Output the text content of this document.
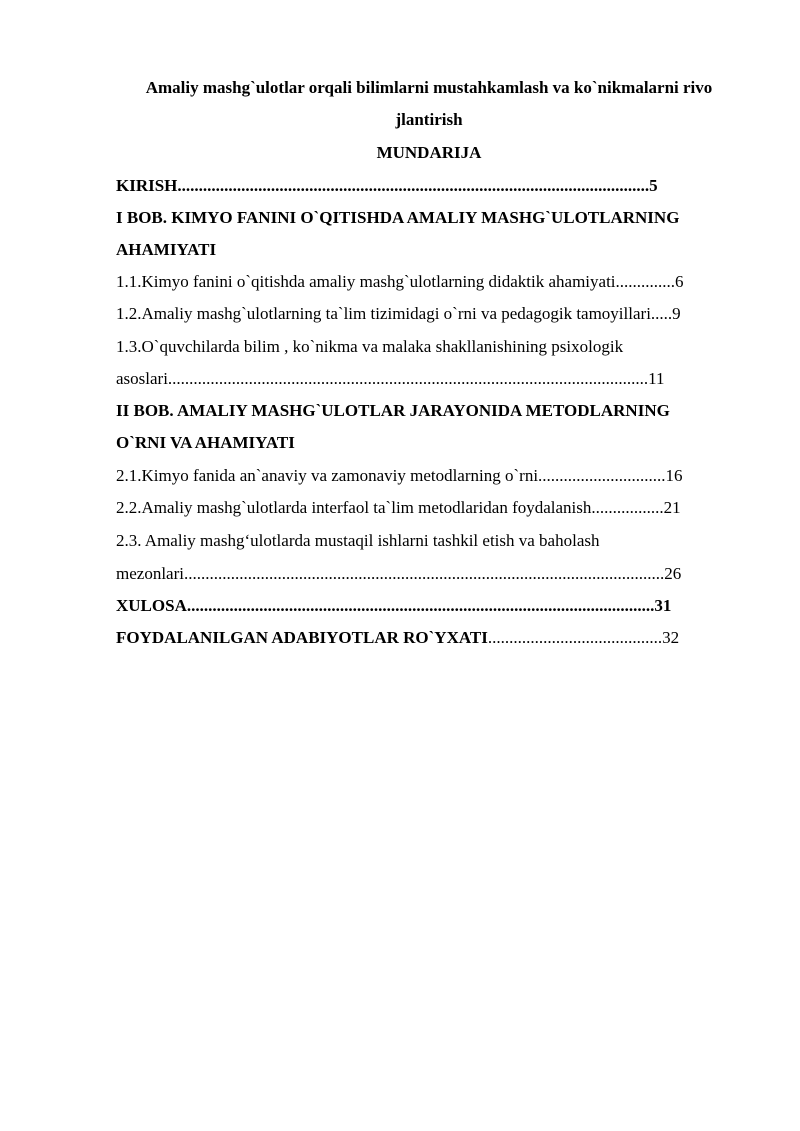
Amaliy mashg`ulotlar orqali bilimlarni mustahkamlash va ko`nikmalarni rivo
jlantirish
MUNDARIJA
KIRISH...............................................................................................................5
I BOB. KIMYO FANINI O`QITISHDA AMALIY MASHG`ULOTLARNING
AHAMIYATI
1.1.Kimyo fanini o`qitishda amaliy mashg`ulotlarning didaktik ahamiyati..............6
1.2.Amaliy mashg`ulotlarning ta`lim tizimidagi o`rni va pedagogik tamoyillari.....9
1.3.O`quvchilarda bilim , ko`nikma va malaka shakllanishining psixologik
asoslari.................................................................................................................11
II BOB. AMALIY MASHG`ULOTLAR JARAYONIDA METODLARNING
O`RNI VA AHAMIYATI
2.1.Kimyo fanida an`anaviy va zamonaviy metodlarning o`rni..............................16
2.2.Amaliy mashg`ulotlarda interfaol ta`lim metodlaridan foydalanish.................21
2.3. Amaliy mashg‘ulotlarda mustaqil ishlarni tashkil etish va baholash
mezonlari.................................................................................................................26
XULOSA..............................................................................................................31
FOYDALANILGAN ADABIYOTLAR RO`YXATI.........................................32
